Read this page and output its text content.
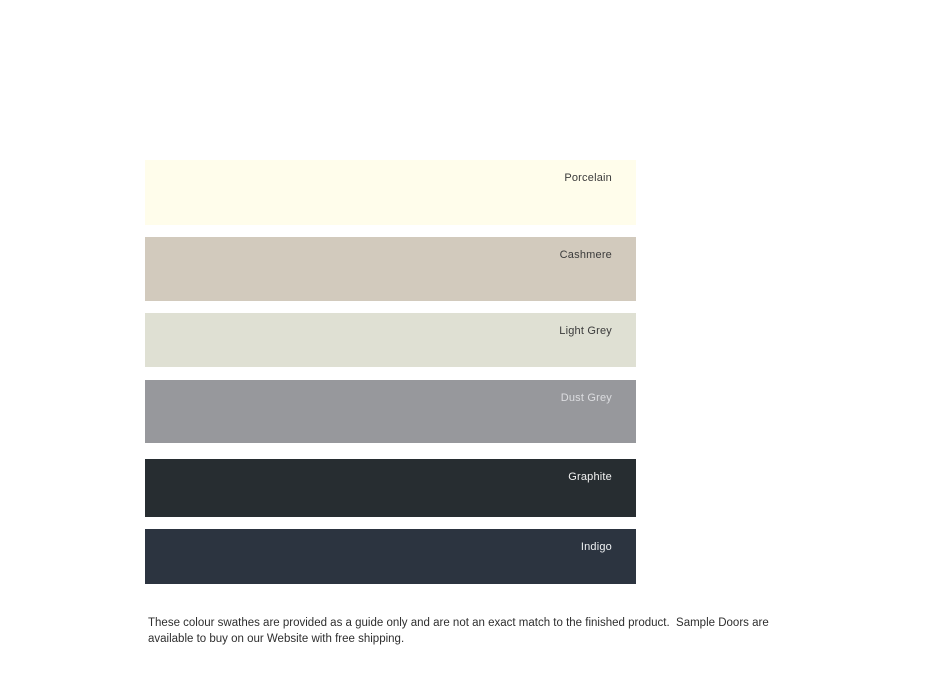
Porcelain
Cashmere
Light Grey
Dust Grey
Graphite
Indigo

These colour swathes are provided as a guide only and are not an exact match to the finished product.  Sample Doors are available to buy on our Website with free shipping.
